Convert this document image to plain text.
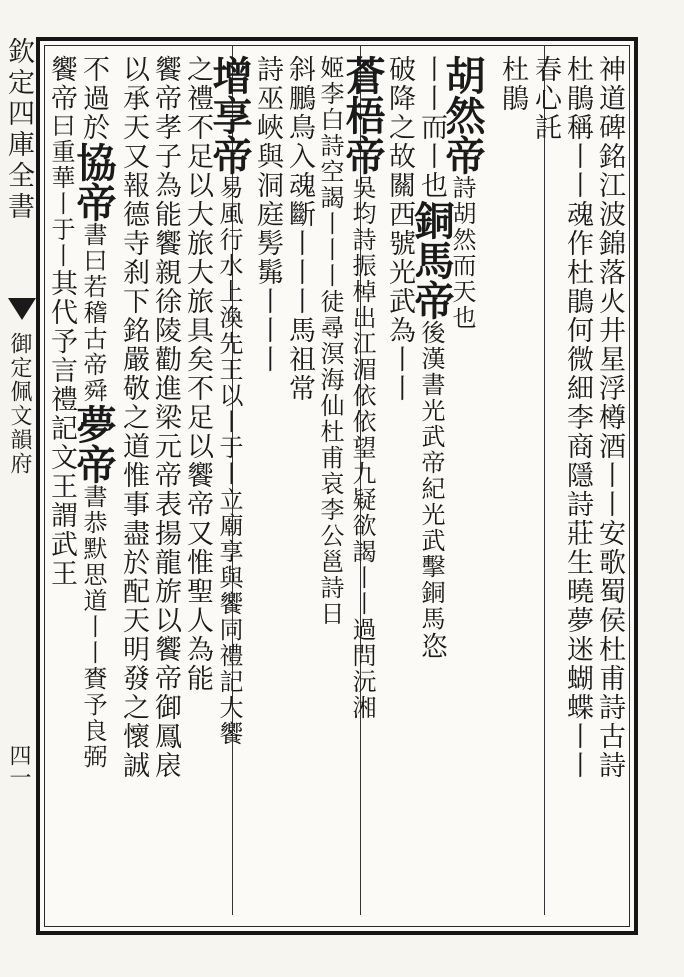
欽定四庫全書
御定佩文韻府
四一	神道碑銘江波錦落火井星浮樽酒丨丨安歌蜀侯杜甫詩古詩
杜鵑稱丨丨魂作杜鵑何微細李商隱詩莊生曉夢迷蝴蝶丨丨
春心託
杜鵑
胡然帝詩胡然而天也
丨丨而丨也銅馬帝後漢書光武帝紀光武擊銅馬恣
破降之故關西號光武為丨丨
蒼梧帝吳均詩振棹出江湄依依望九疑欲謁丨丨過問沅湘
姬李白詩空謁丨丨丨徒尋溟海仙杜甫哀李公邕詩日
斜鵬鳥入魂斷丨丨丨馬祖常
詩巫峽與洞庭髣髴丨丨丨
增享帝易風行水上渙先王以丨于丨立廟享與饗同禮記大饗
之禮不足以大旅大旅具矣不足以饗帝又惟聖人為能
饗帝孝子為能饗親徐陵勸進梁元帝表揚龍旂以饗帝御鳳扆
以承天又報德寺刹下銘嚴敬之道惟事盡於配天明發之懷誠
不過於協帝書曰若稽古帝舜夢帝書恭默思道丨丨賚予良弼
饗帝曰重華丨于丨其代予言禮記文王謂武王
